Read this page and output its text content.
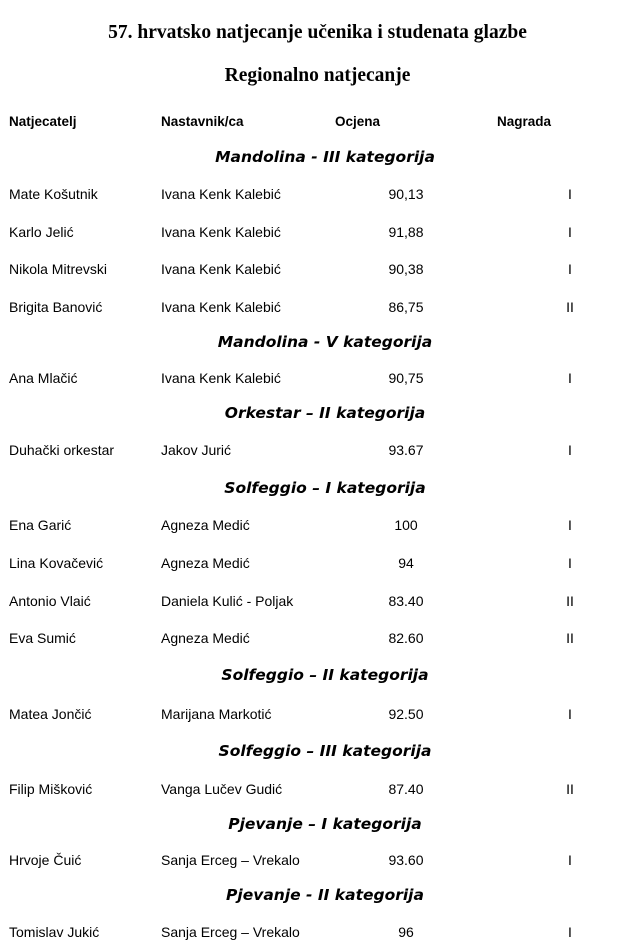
57. hrvatsko natjecanje učenika i studenata glazbe
Regionalno natjecanje
Natjecatelj	Nastavnik/ca	Ocjena	Nagrada
Mandolina - III kategorija
Mate Košutnik	Ivana Kenk Kalebić	90,13	I
Karlo Jelić	Ivana Kenk Kalebić	91,88	I
Nikola Mitrevski	Ivana Kenk Kalebić	90,38	I
Brigita Banović	Ivana Kenk Kalebić	86,75	II
Mandolina - V kategorija
Ana Mlačić	Ivana Kenk Kalebić	90,75	I
Orkestar – II kategorija
Duhački orkestar	Jakov Jurić	93.67	I
Solfeggio – I kategorija
Ena Garić	Agneza Medić	100	I
Lina Kovačević	Agneza Medić	94	I
Antonio Vlaić	Daniela Kulić - Poljak	83.40	II
Eva Sumić	Agneza Medić	82.60	II
Solfeggio – II kategorija
Matea Jončić	Marijana Markotić	92.50	I
Solfeggio – III kategorija
Filip Mišković	Vanga Lučev Gudić	87.40	II
Pjevanje – I kategorija
Hrvoje Čuić	Sanja Erceg – Vrekalo	93.60	I
Pjevanje - II kategorija
Tomislav Jukić	Sanja Erceg – Vrekalo	96	I
